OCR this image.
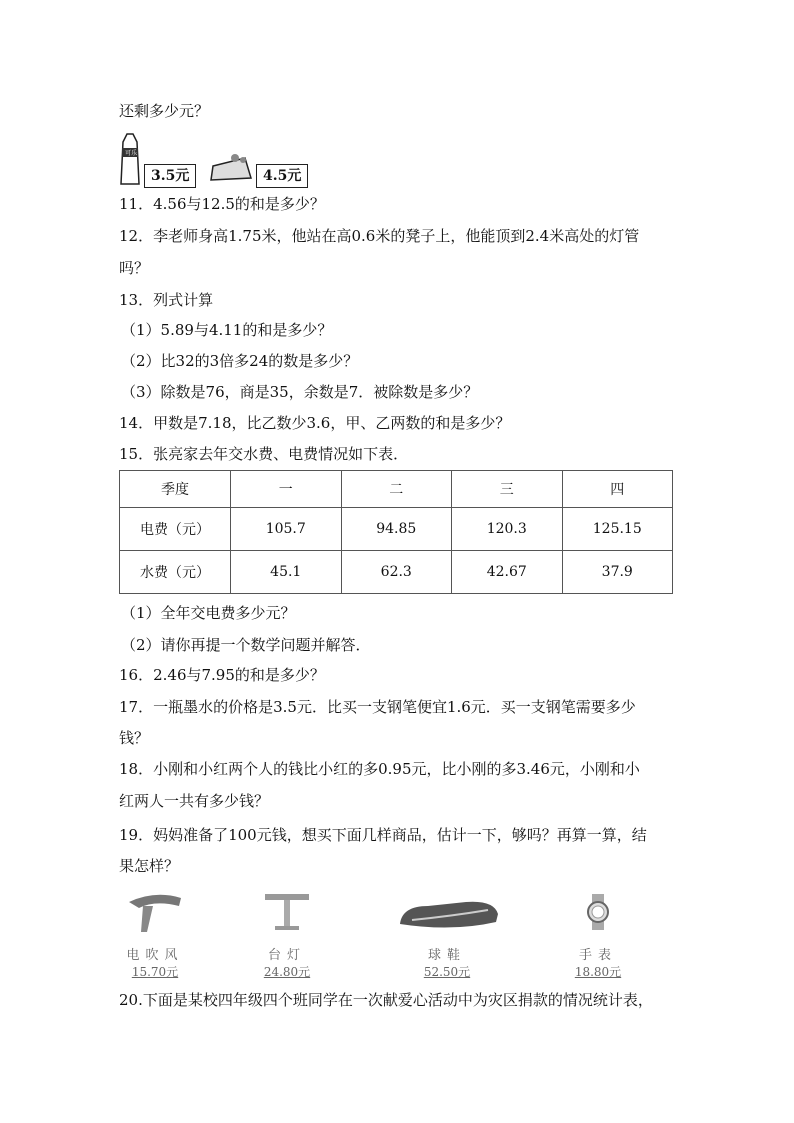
还剩多少元？
可乐
3.5元	4.5元
11．4.56与12.5的和是多少？
12．李老师身高1.75米，他站在高0.6米的凳子上，他能顶到2.4米高处的灯管
吗？
13．列式计算
（1）5.89与4.11的和是多少？
（2）比32的3倍多24的数是多少？
（3）除数是76，商是35，余数是7．被除数是多少？
14．甲数是7.18，比乙数少3.6，甲、乙两数的和是多少？
15．张亮家去年交水费、电费情况如下表．
季度	一	二	三	四
电费（元）	105.7	94.85	120.3	125.15
水费（元）	45.1	62.3	42.67	37.9
（1）全年交电费多少元？
（2）请你再提一个数学问题并解答．
16．2.46与7.95的和是多少？
17．一瓶墨水的价格是3.5元．比买一支钢笔便宜1.6元．买一支钢笔需要多少
钱？
18．小刚和小红两个人的钱比小红的多0.95元，比小刚的多3.46元，小刚和小
红两人一共有多少钱？
19．妈妈准备了100元钱，想买下面几样商品，估计一下，够吗？再算一算，结
果怎样？
电吹风
15.70元
台灯
24.80元
球鞋
52.50元
手表
18.80元
20.下面是某校四年级四个班同学在一次献爱心活动中为灾区捐款的情况统计表，
